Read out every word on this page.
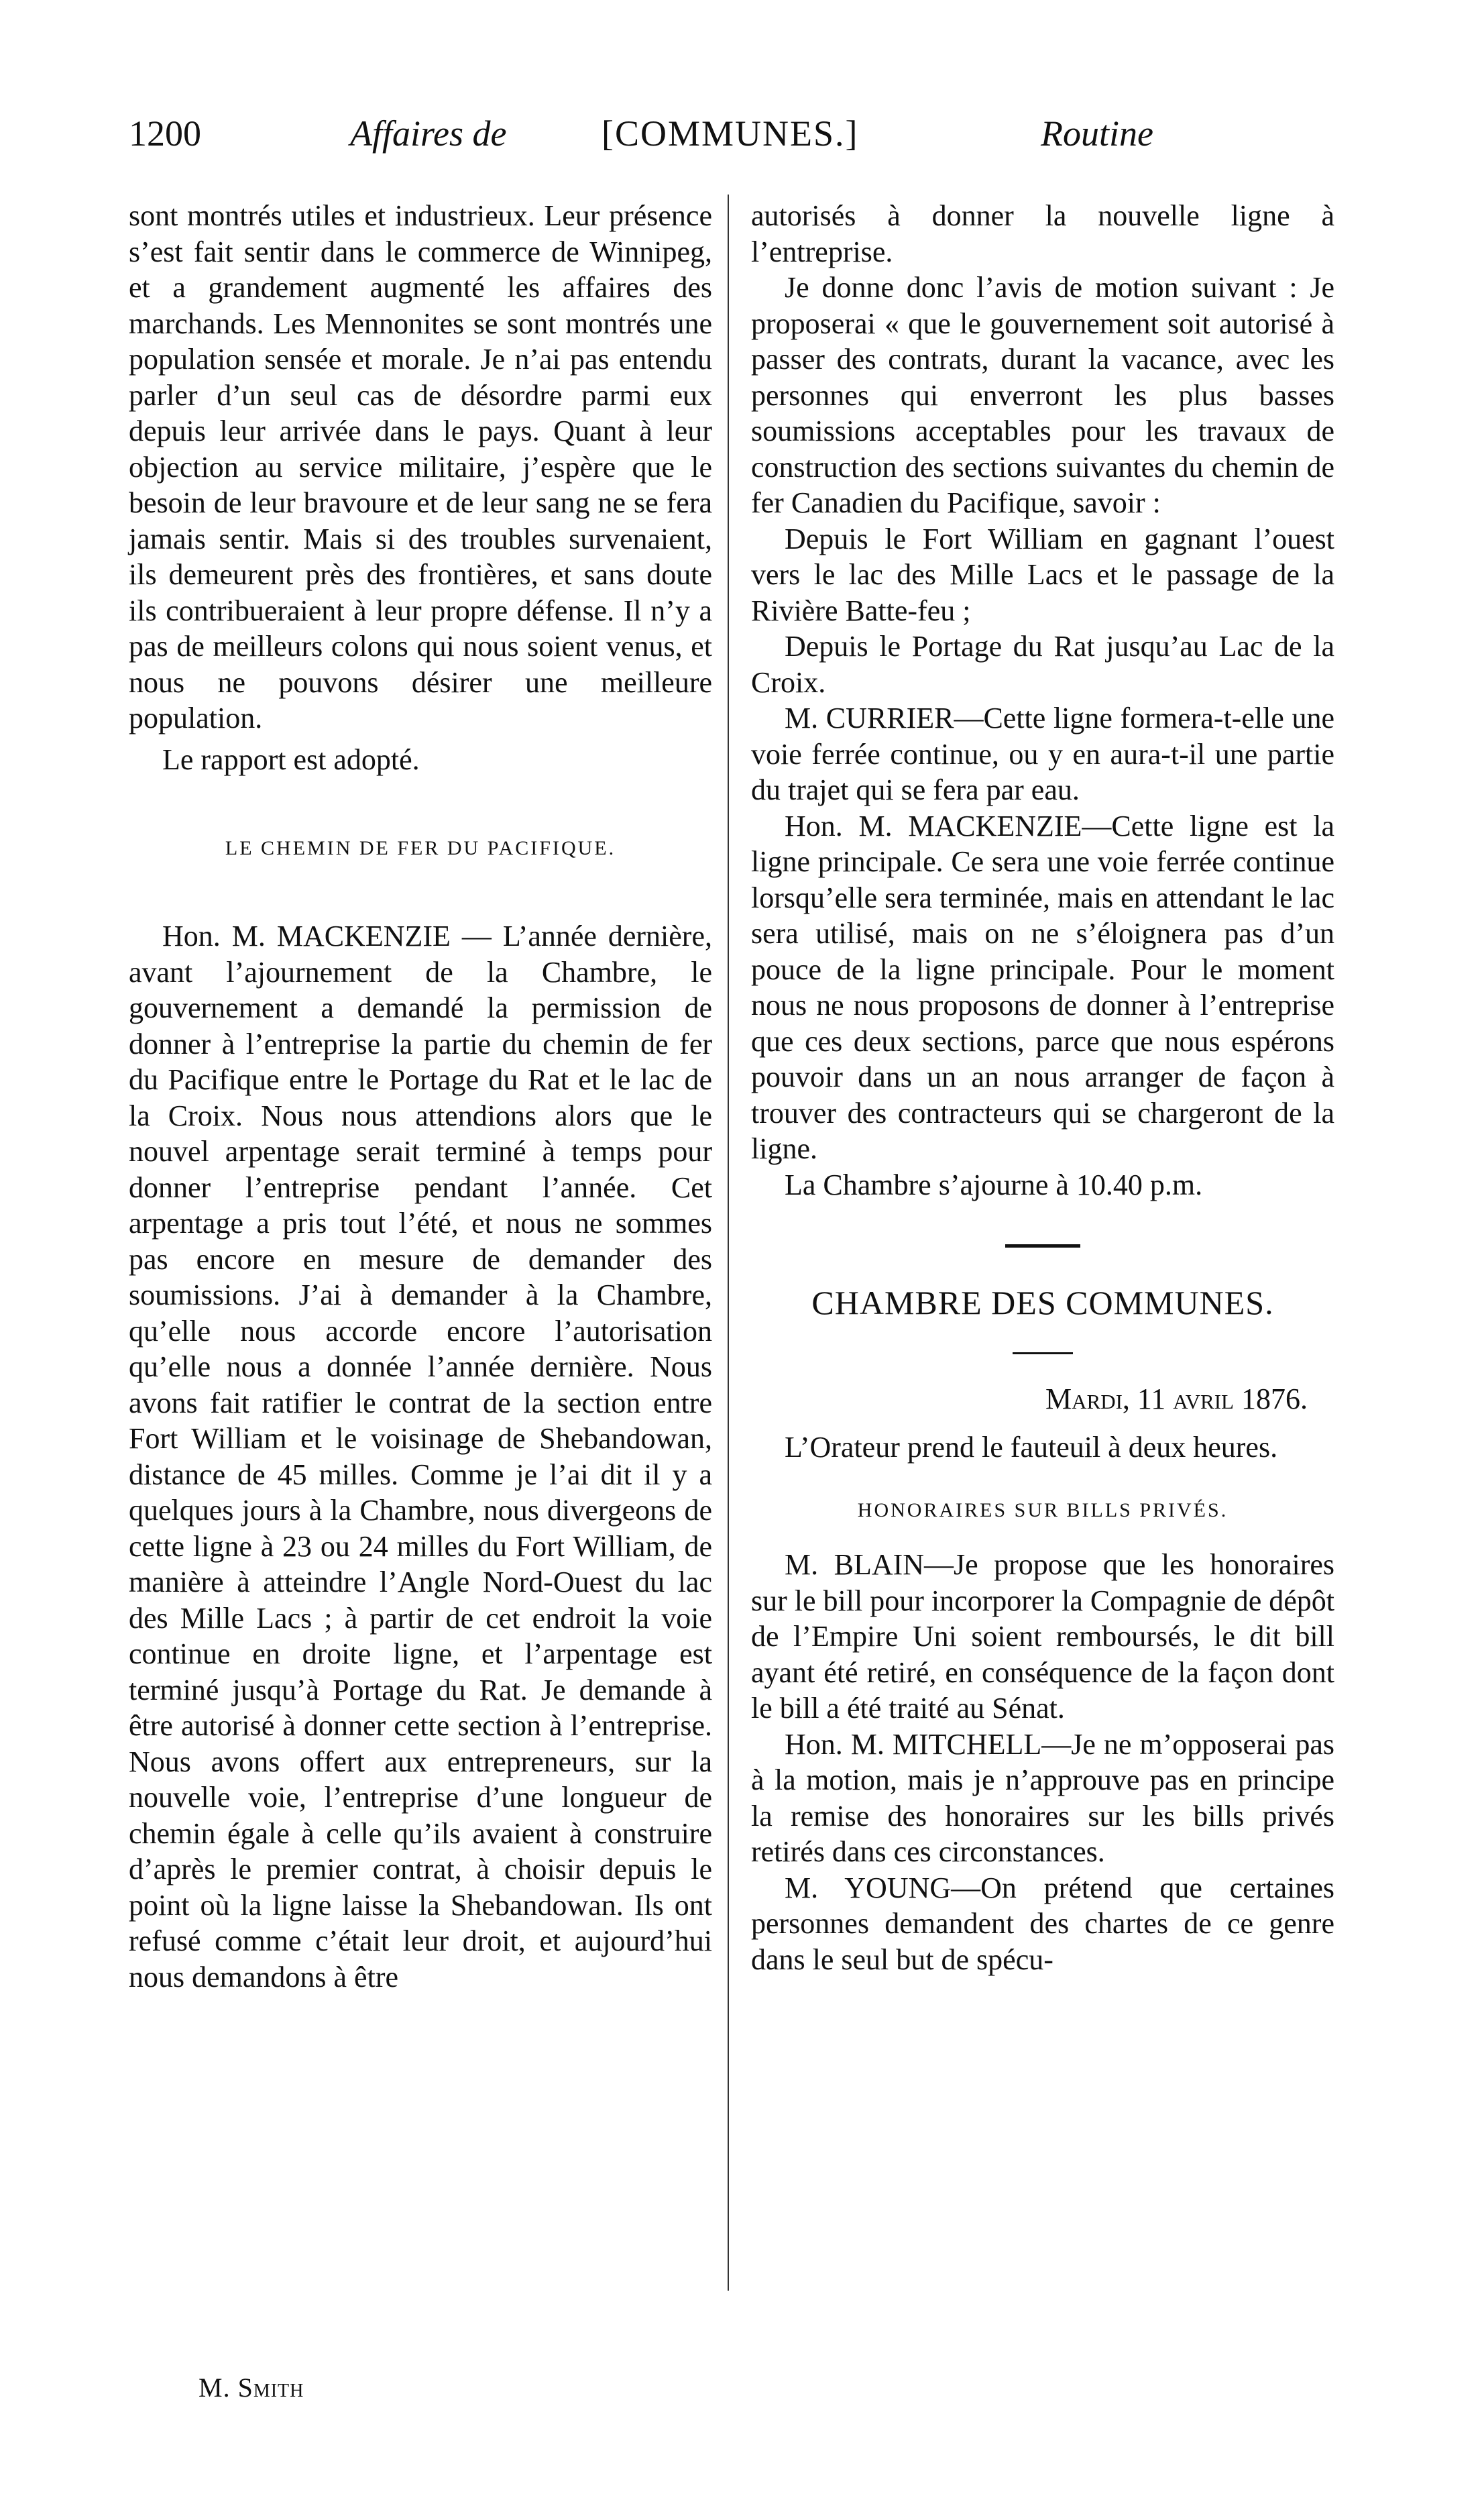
1200	Affaires de	[COMMUNES.]	Routine

sont montrés utiles et industrieux. Leur présence s’est fait sentir dans le commerce de Winnipeg, et a grandement augmenté les affaires des marchands. Les Mennonites se sont montrés une population sensée et morale. Je n’ai pas entendu parler d’un seul cas de désordre parmi eux depuis leur arrivée dans le pays. Quant à leur objection au service militaire, j’espère que le besoin de leur bravoure et de leur sang ne se fera jamais sentir. Mais si des troubles survenaient, ils demeurent près des frontières, et sans doute ils contribueraient à leur propre défense. Il n’y a pas de meilleurs colons qui nous soient venus, et nous ne pouvons désirer une meilleure population.

Le rapport est adopté.

LE CHEMIN DE FER DU PACIFIQUE.

Hon. M. MACKENZIE — L’année dernière, avant l’ajournement de la Chambre, le gouvernement a demandé la permission de donner à l’entreprise la partie du chemin de fer du Pacifique entre le Portage du Rat et le lac de la Croix. Nous nous attendions alors que le nouvel arpentage serait terminé à temps pour donner l’entreprise pendant l’année. Cet arpentage a pris tout l’été, et nous ne sommes pas encore en mesure de demander des soumissions. J’ai à demander à la Chambre, qu’elle nous accorde encore l’autorisation qu’elle nous a donnée l’année dernière. Nous avons fait ratifier le contrat de la section entre Fort William et le voisinage de Shebandowan, distance de 45 milles. Comme je l’ai dit il y a quelques jours à la Chambre, nous divergeons de cette ligne à 23 ou 24 milles du Fort William, de manière à atteindre l’Angle Nord-Ouest du lac des Mille Lacs ; à partir de cet endroit la voie continue en droite ligne, et l’arpentage est terminé jusqu’à Portage du Rat. Je demande à être autorisé à donner cette section à l’entreprise. Nous avons offert aux entrepreneurs, sur la nouvelle voie, l’entreprise d’une longueur de chemin égale à celle qu’ils avaient à construire d’après le premier contrat, à choisir depuis le point où la ligne laisse la Shebandowan. Ils ont refusé comme c’était leur droit, et aujourd’hui nous demandons à être

autorisés à donner la nouvelle ligne à l’entreprise.

Je donne donc l’avis de motion suivant : Je proposerai « que le gouvernement soit autorisé à passer des contrats, durant la vacance, avec les personnes qui enverront les plus basses soumissions acceptables pour les travaux de construction des sections suivantes du chemin de fer Canadien du Pacifique, savoir :

Depuis le Fort William en gagnant l’ouest vers le lac des Mille Lacs et le passage de la Rivière Batte-feu ;

Depuis le Portage du Rat jusqu’au Lac de la Croix.

M. CURRIER—Cette ligne formera-t-elle une voie ferrée continue, ou y en aura-t-il une partie du trajet qui se fera par eau.

Hon. M. MACKENZIE—Cette ligne est la ligne principale. Ce sera une voie ferrée continue lorsqu’elle sera terminée, mais en attendant le lac sera utilisé, mais on ne s’éloignera pas d’un pouce de la ligne principale. Pour le moment nous ne nous proposons de donner à l’entreprise que ces deux sections, parce que nous espérons pouvoir dans un an nous arranger de façon à trouver des contracteurs qui se chargeront de la ligne.

La Chambre s’ajourne à 10.40 p.m.

CHAMBRE DES COMMUNES.

Mardi, 11 avril 1876.

L’Orateur prend le fauteuil à deux heures.

HONORAIRES SUR BILLS PRIVÉS.

M. BLAIN—Je propose que les honoraires sur le bill pour incorporer la Compagnie de dépôt de l’Empire Uni soient remboursés, le dit bill ayant été retiré, en conséquence de la façon dont le bill a été traité au Sénat.

Hon. M. MITCHELL—Je ne m’opposerai pas à la motion, mais je n’approuve pas en principe la remise des honoraires sur les bills privés retirés dans ces circonstances.

M. YOUNG—On prétend que certaines personnes demandent des chartes de ce genre dans le seul but de spécu-

M. Smith
